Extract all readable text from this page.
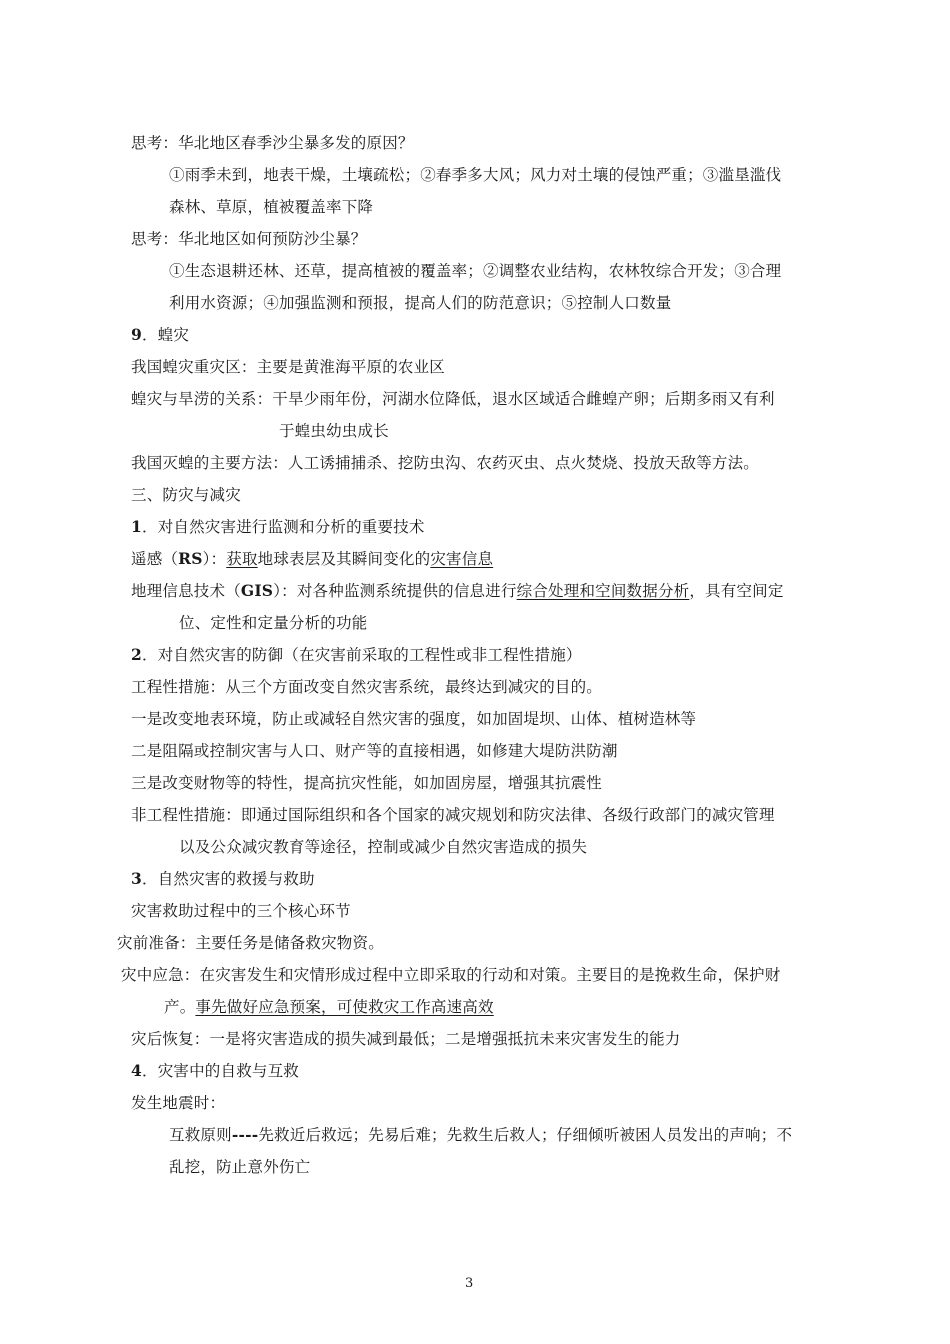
思考：华北地区春季沙尘暴多发的原因？
①雨季未到，地表干燥，土壤疏松；②春季多大风；风力对土壤的侵蚀严重；③滥垦滥伐
森林、草原，植被覆盖率下降
思考：华北地区如何预防沙尘暴？
①生态退耕还林、还草，提高植被的覆盖率；②调整农业结构，农林牧综合开发；③合理
利用水资源；④加强监测和预报，提高人们的防范意识；⑤控制人口数量
9．蝗灾
我国蝗灾重灾区：主要是黄淮海平原的农业区
蝗灾与旱涝的关系：干旱少雨年份，河湖水位降低，退水区域适合雌蝗产卵；后期多雨又有利
于蝗虫幼虫成长
我国灭蝗的主要方法：人工诱捕捕杀、挖防虫沟、农药灭虫、点火焚烧、投放天敌等方法。
三、防灾与减灾
1．对自然灾害进行监测和分析的重要技术
遥感（RS）：获取地球表层及其瞬间变化的灾害信息
地理信息技术（GIS）：对各种监测系统提供的信息进行综合处理和空间数据分析，具有空间定
位、定性和定量分析的功能
2．对自然灾害的防御（在灾害前采取的工程性或非工程性措施）
工程性措施：从三个方面改变自然灾害系统，最终达到减灾的目的。
一是改变地表环境，防止或减轻自然灾害的强度，如加固堤坝、山体、植树造林等
二是阻隔或控制灾害与人口、财产等的直接相遇，如修建大堤防洪防潮
三是改变财物等的特性，提高抗灾性能，如加固房屋，增强其抗震性
非工程性措施：即通过国际组织和各个国家的减灾规划和防灾法律、各级行政部门的减灾管理
以及公众减灾教育等途径，控制或减少自然灾害造成的损失
3．自然灾害的救援与救助
灾害救助过程中的三个核心环节
灾前准备：主要任务是储备救灾物资。
灾中应急：在灾害发生和灾情形成过程中立即采取的行动和对策。主要目的是挽救生命，保护财
产。事先做好应急预案，可使救灾工作高速高效
灾后恢复：一是将灾害造成的损失减到最低；二是增强抵抗未来灾害发生的能力
4．灾害中的自救与互救
发生地震时：
互救原则----先救近后救远；先易后难；先救生后救人；仔细倾听被困人员发出的声响；不
乱挖，防止意外伤亡
3
